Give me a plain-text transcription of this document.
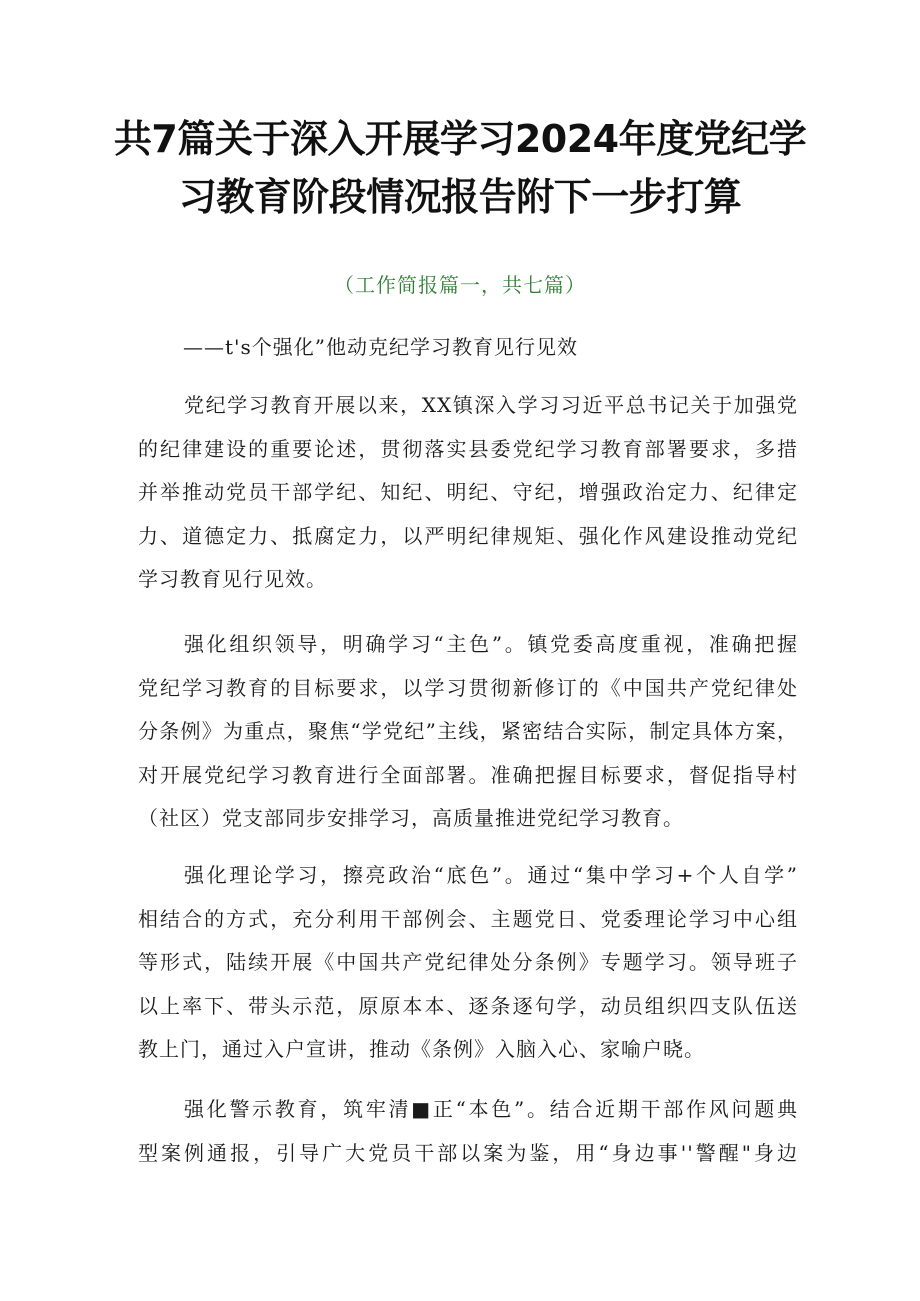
共7篇关于深入开展学习2024年度党纪学
习教育阶段情况报告附下一步打算
（工作简报篇一，共七篇）
——t's个强化”他动克纪学习教育见行见效
党纪学习教育开展以来，XX镇深入学习习近平总书记关于加强党
的纪律建设的重要论述，贯彻落实县委党纪学习教育部署要求，多措
并举推动党员干部学纪、知纪、明纪、守纪，增强政治定力、纪律定
力、道德定力、抵腐定力，以严明纪律规矩、强化作风建设推动党纪
学习教育见行见效。
强化组织领导，明确学习“主色”。镇党委高度重视，准确把握
党纪学习教育的目标要求，以学习贯彻新修订的《中国共产党纪律处
分条例》为重点，聚焦“学党纪”主线，紧密结合实际，制定具体方案，
对开展党纪学习教育进行全面部署。准确把握目标要求，督促指导村
（社区）党支部同步安排学习，高质量推进党纪学习教育。
强化理论学习，擦亮政治“底色”。通过“集中学习+个人自学”
相结合的方式，充分利用干部例会、主题党日、党委理论学习中心组
等形式，陆续开展《中国共产党纪律处分条例》专题学习。领导班子
以上率下、带头示范，原原本本、逐条逐句学，动员组织四支队伍送
教上门，通过入户宣讲，推动《条例》入脑入心、家喻户晓。
强化警示教育，筑牢清■正“本色”。结合近期干部作风问题典
型案例通报，引导广大党员干部以案为鉴，用“身边事''警醒"身边
